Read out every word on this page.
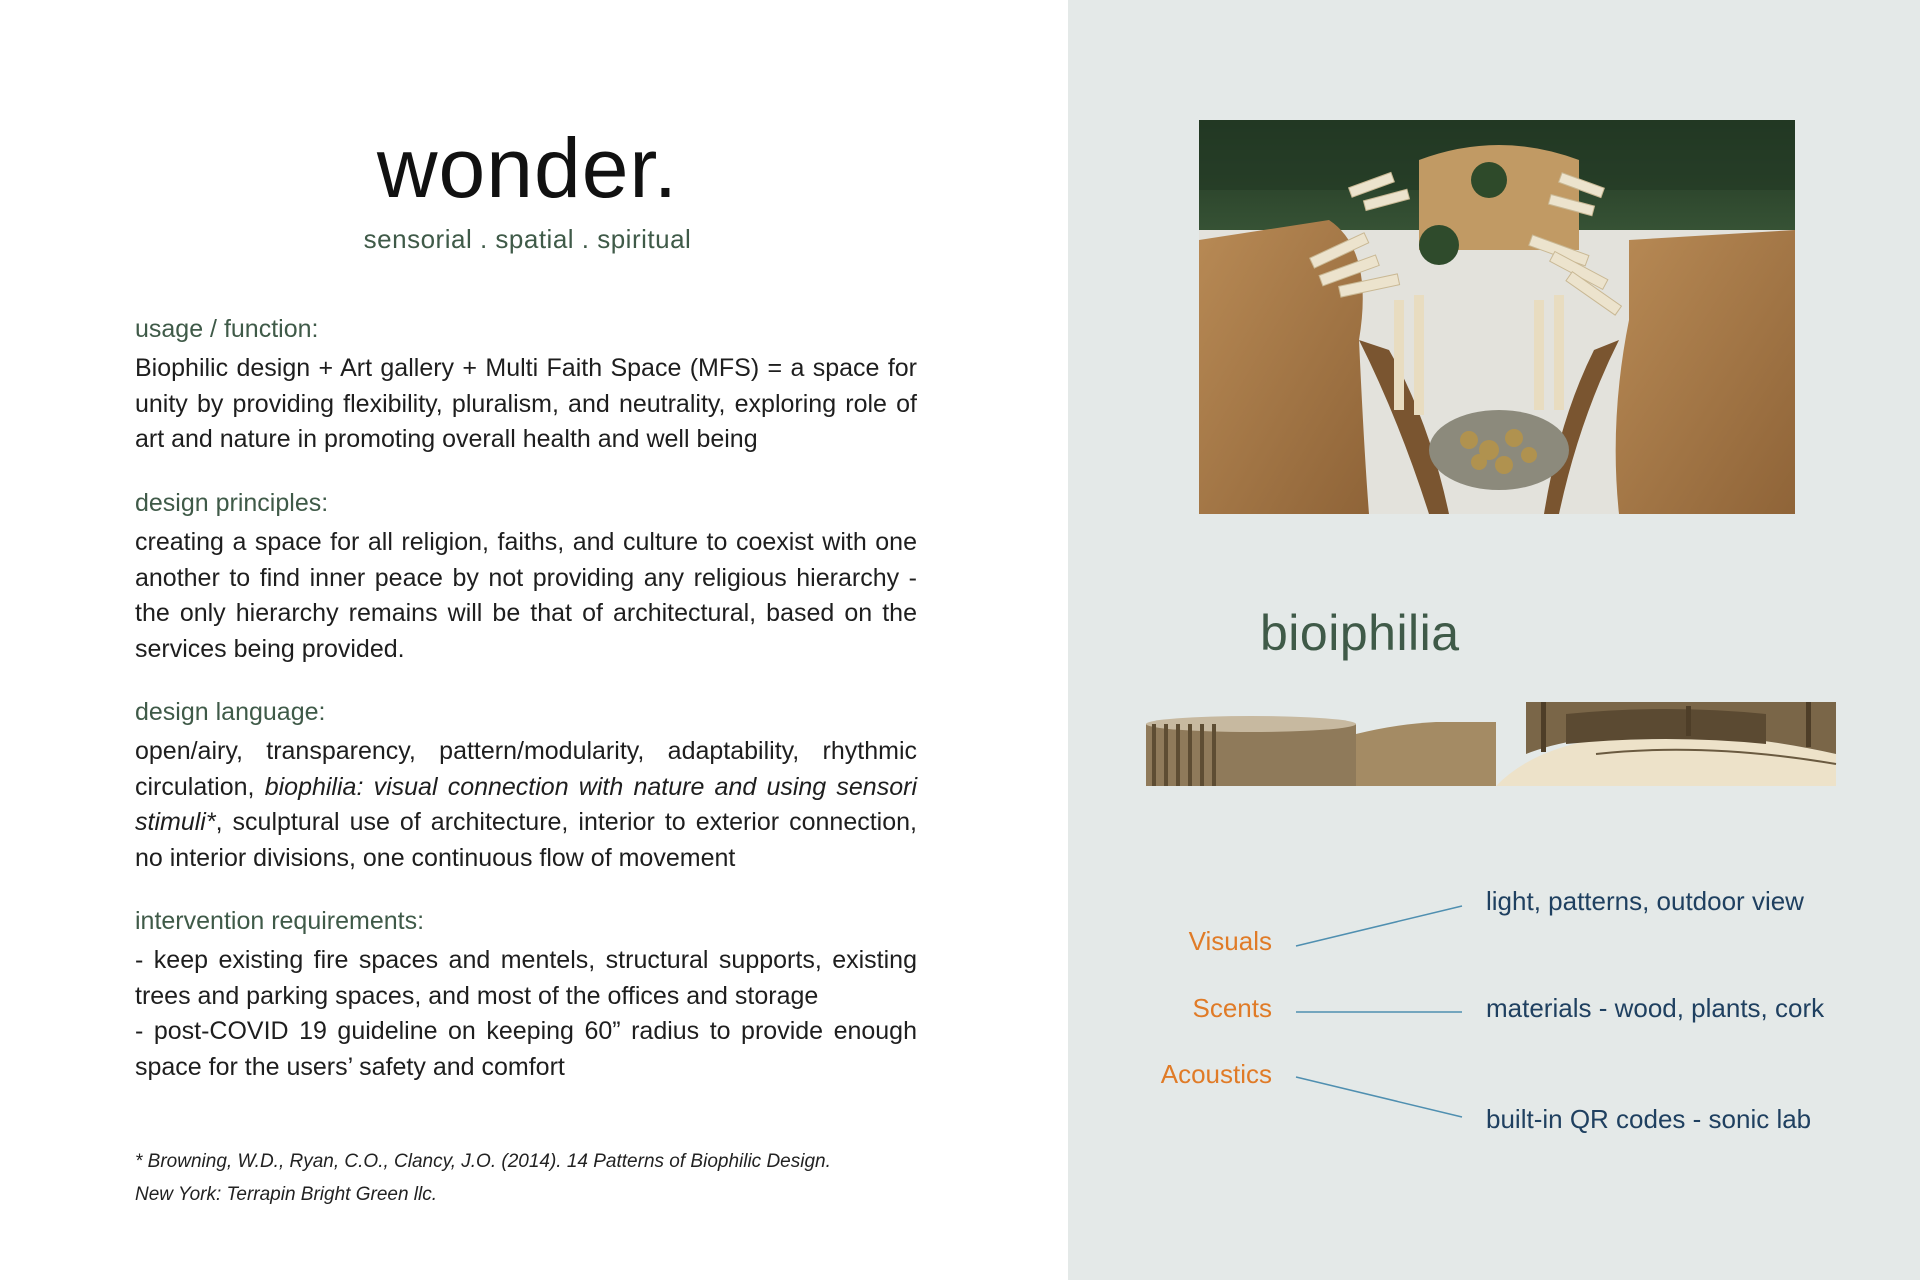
wonder.
sensorial . spatial . spiritual
usage / function:

Biophilic design + Art gallery + Multi Faith Space (MFS) = a space for unity by providing flexibility, pluralism, and neutrality, exploring role of art and nature in promoting overall health and well being

design principles:

creating a space for all religion, faiths, and culture to coexist with one another to find inner peace by not providing any religious hierarchy - the only hierarchy remains will be that of architectural, based on the services being provided.

design language:

open/airy, transparency, pattern/modularity, adaptability, rhythmic circulation, biophilia: visual connection with nature and using sensori stimuli*, sculptural use of architecture, interior to exterior connection, no interior divisions, one continuous flow of movement

intervention requirements:

- keep existing fire spaces and mentels, structural supports, existing trees and parking spaces, and most of the offices and storage

- post-COVID 19 guideline on keeping 60” radius to provide enough space for the users’ safety and comfort

* Browning, W.D., Ryan, C.O., Clancy, J.O. (2014). 14 Patterns of Biophilic Design.
New York: Terrapin Bright Green llc.
bioiphilia
Visuals
Scents
Acoustics
light, patterns, outdoor view
materials - wood, plants, cork
built-in QR codes - sonic lab
